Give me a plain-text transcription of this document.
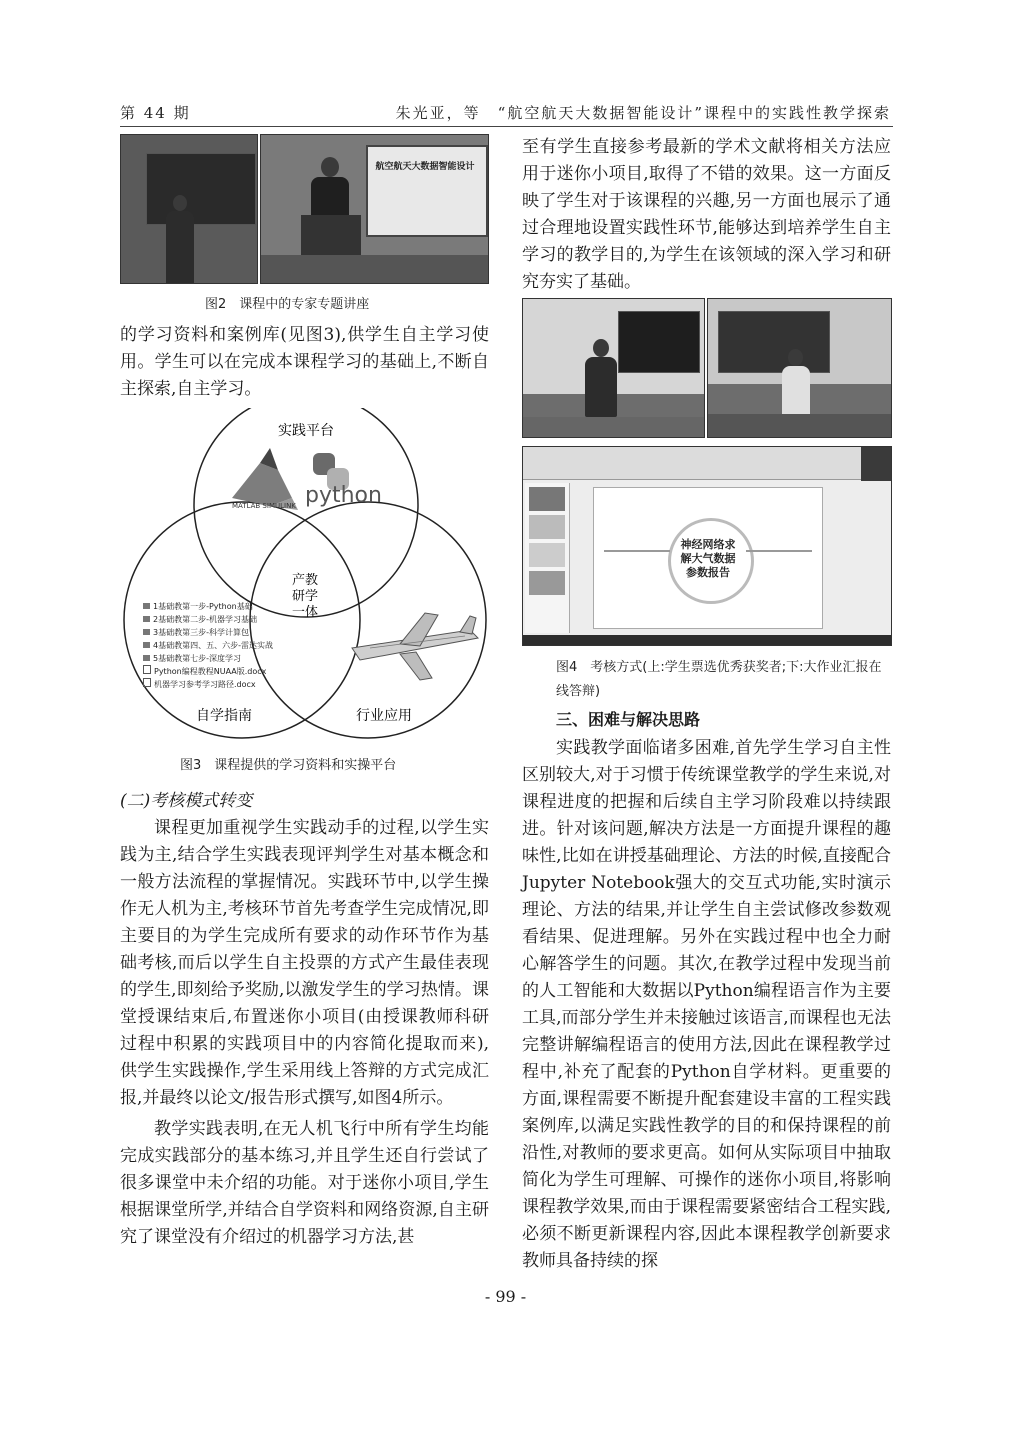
第 44 期	朱光亚，等　“航空航天大数据智能设计”课程中的实践性教学探索
航空航天大数据智能设计
图2　课程中的专家专题讲座

的学习资料和案例库(见图3),供学生自主学习使用。学生可以在完成本课程学习的基础上,不断自主探索,自主学习。

实践平台
自学指南	行业应用
产教
研学
一体
MATLAB SIMULINK python
1基础教第一步-Python基础
2基础教第二步-机器学习基础
3基础教第三步-科学计算包
4基础教第四、五、六步-雷达实战
5基础教第七步-深度学习
Python编程教程NUAA版.docx
机器学习参考学习路径.docx
图3　课程提供的学习资料和实操平台

(二)考核模式转变

课程更加重视学生实践动手的过程,以学生实践为主,结合学生实践表现评判学生对基本概念和一般方法流程的掌握情况。实践环节中,以学生操作无人机为主,考核环节首先考查学生完成情况,即主要目的为学生完成所有要求的动作环节作为基础考核,而后以学生自主投票的方式产生最佳表现的学生,即刻给予奖励,以激发学生的学习热情。课堂授课结束后,布置迷你小项目(由授课教师科研过程中积累的实践项目中的内容简化提取而来),供学生实践操作,学生采用线上答辩的方式完成汇报,并最终以论文/报告形式撰写,如图4所示。

教学实践表明,在无人机飞行中所有学生均能完成实践部分的基本练习,并且学生还自行尝试了很多课堂中未介绍的功能。对于迷你小项目,学生根据课堂所学,并结合自学资料和网络资源,自主研究了课堂没有介绍过的机器学习方法,甚

至有学生直接参考最新的学术文献将相关方法应用于迷你小项目,取得了不错的效果。这一方面反映了学生对于该课程的兴趣,另一方面也展示了通过合理地设置实践性环节,能够达到培养学生自主学习的教学目的,为学生在该领域的深入学习和研究夯实了基础。

神经网络求
解大气数据
参数报告
图4　考核方式(上:学生票选优秀获奖者;下:大作业汇报在线答辩)

三、困难与解决思路

实践教学面临诸多困难,首先学生学习自主性区别较大,对于习惯于传统课堂教学的学生来说,对课程进度的把握和后续自主学习阶段难以持续跟进。针对该问题,解决方法是一方面提升课程的趣味性,比如在讲授基础理论、方法的时候,直接配合Jupyter Notebook强大的交互式功能,实时演示理论、方法的结果,并让学生自主尝试修改参数观看结果、促进理解。另外在实践过程中也全力耐心解答学生的问题。其次,在教学过程中发现当前的人工智能和大数据以Python编程语言作为主要工具,而部分学生并未接触过该语言,而课程也无法完整讲解编程语言的使用方法,因此在课程教学过程中,补充了配套的Python自学材料。更重要的方面,课程需要不断提升配套建设丰富的工程实践案例库,以满足实践性教学的目的和保持课程的前沿性,对教师的要求更高。如何从实际项目中抽取简化为学生可理解、可操作的迷你小项目,将影响课程教学效果,而由于课程需要紧密结合工程实践,必须不断更新课程内容,因此本课程教学创新要求教师具备持续的探

- 99 -
